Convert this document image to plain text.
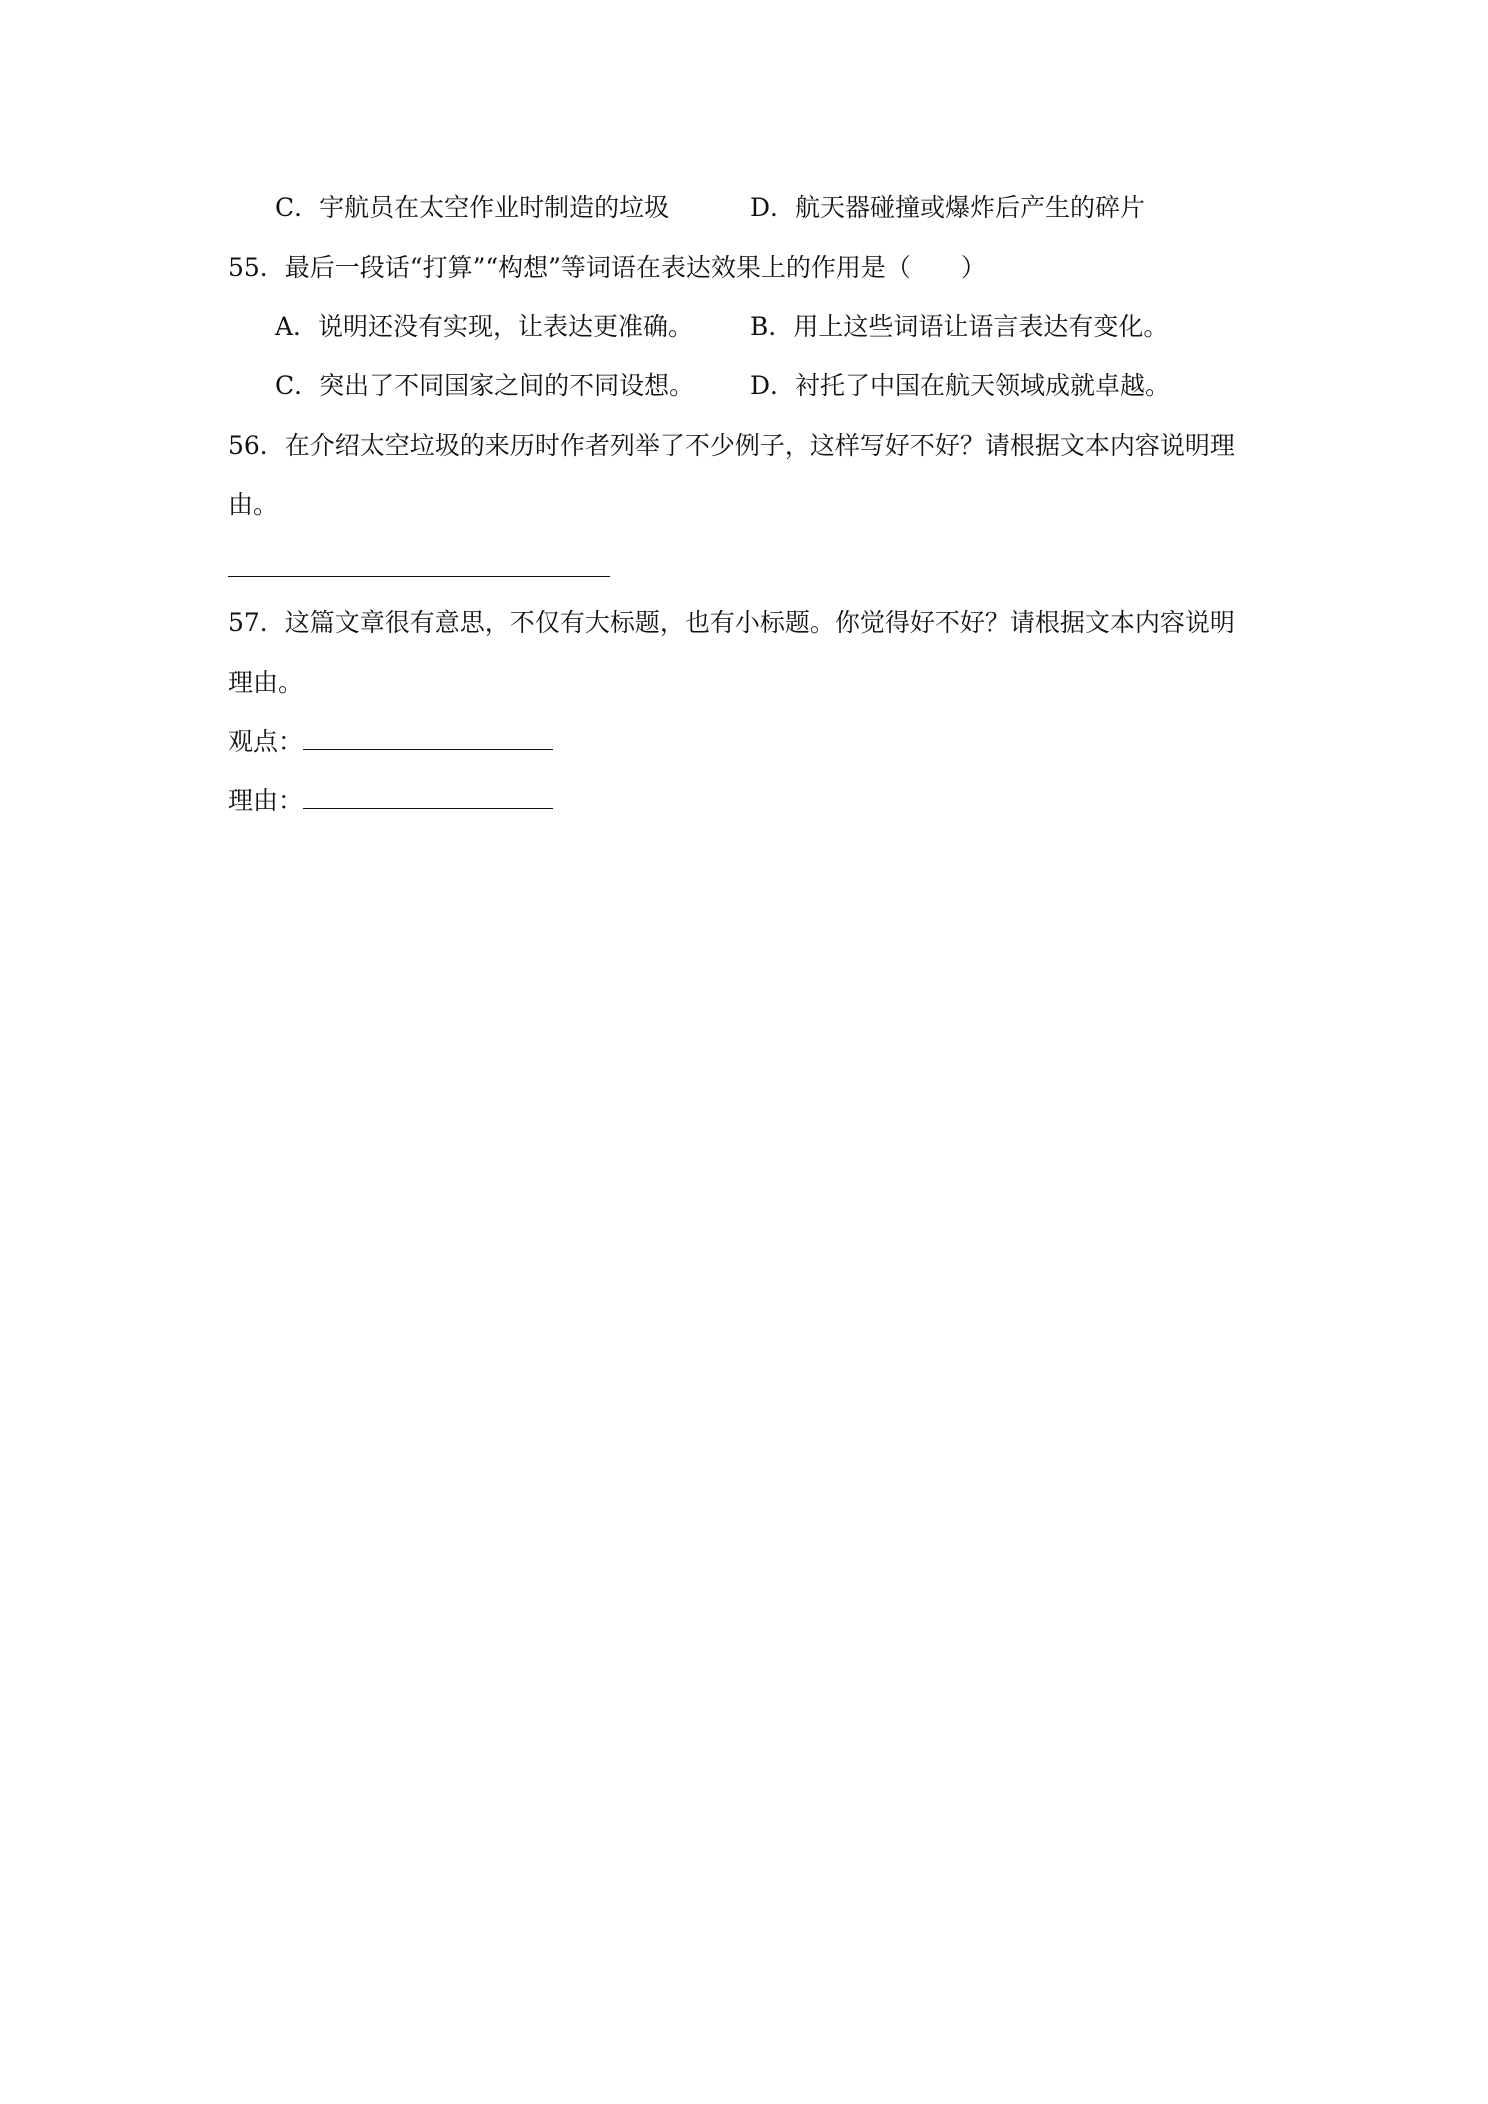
C．宇航员在太空作业时制造的垃圾	D．航天器碰撞或爆炸后产生的碎片
55．最后一段话“打算”“构想”等词语在表达效果上的作用是（　　）
A．说明还没有实现，让表达更准确。 B．用上这些词语让语言表达有变化。
C．突出了不同国家之间的不同设想。 D．衬托了中国在航天领域成就卓越。
56．在介绍太空垃圾的来历时作者列举了不少例子，这样写好不好？请根据文本内容说明理
由。
57．这篇文章很有意思，不仅有大标题，也有小标题。你觉得好不好？请根据文本内容说明
理由。
观点：
理由：
